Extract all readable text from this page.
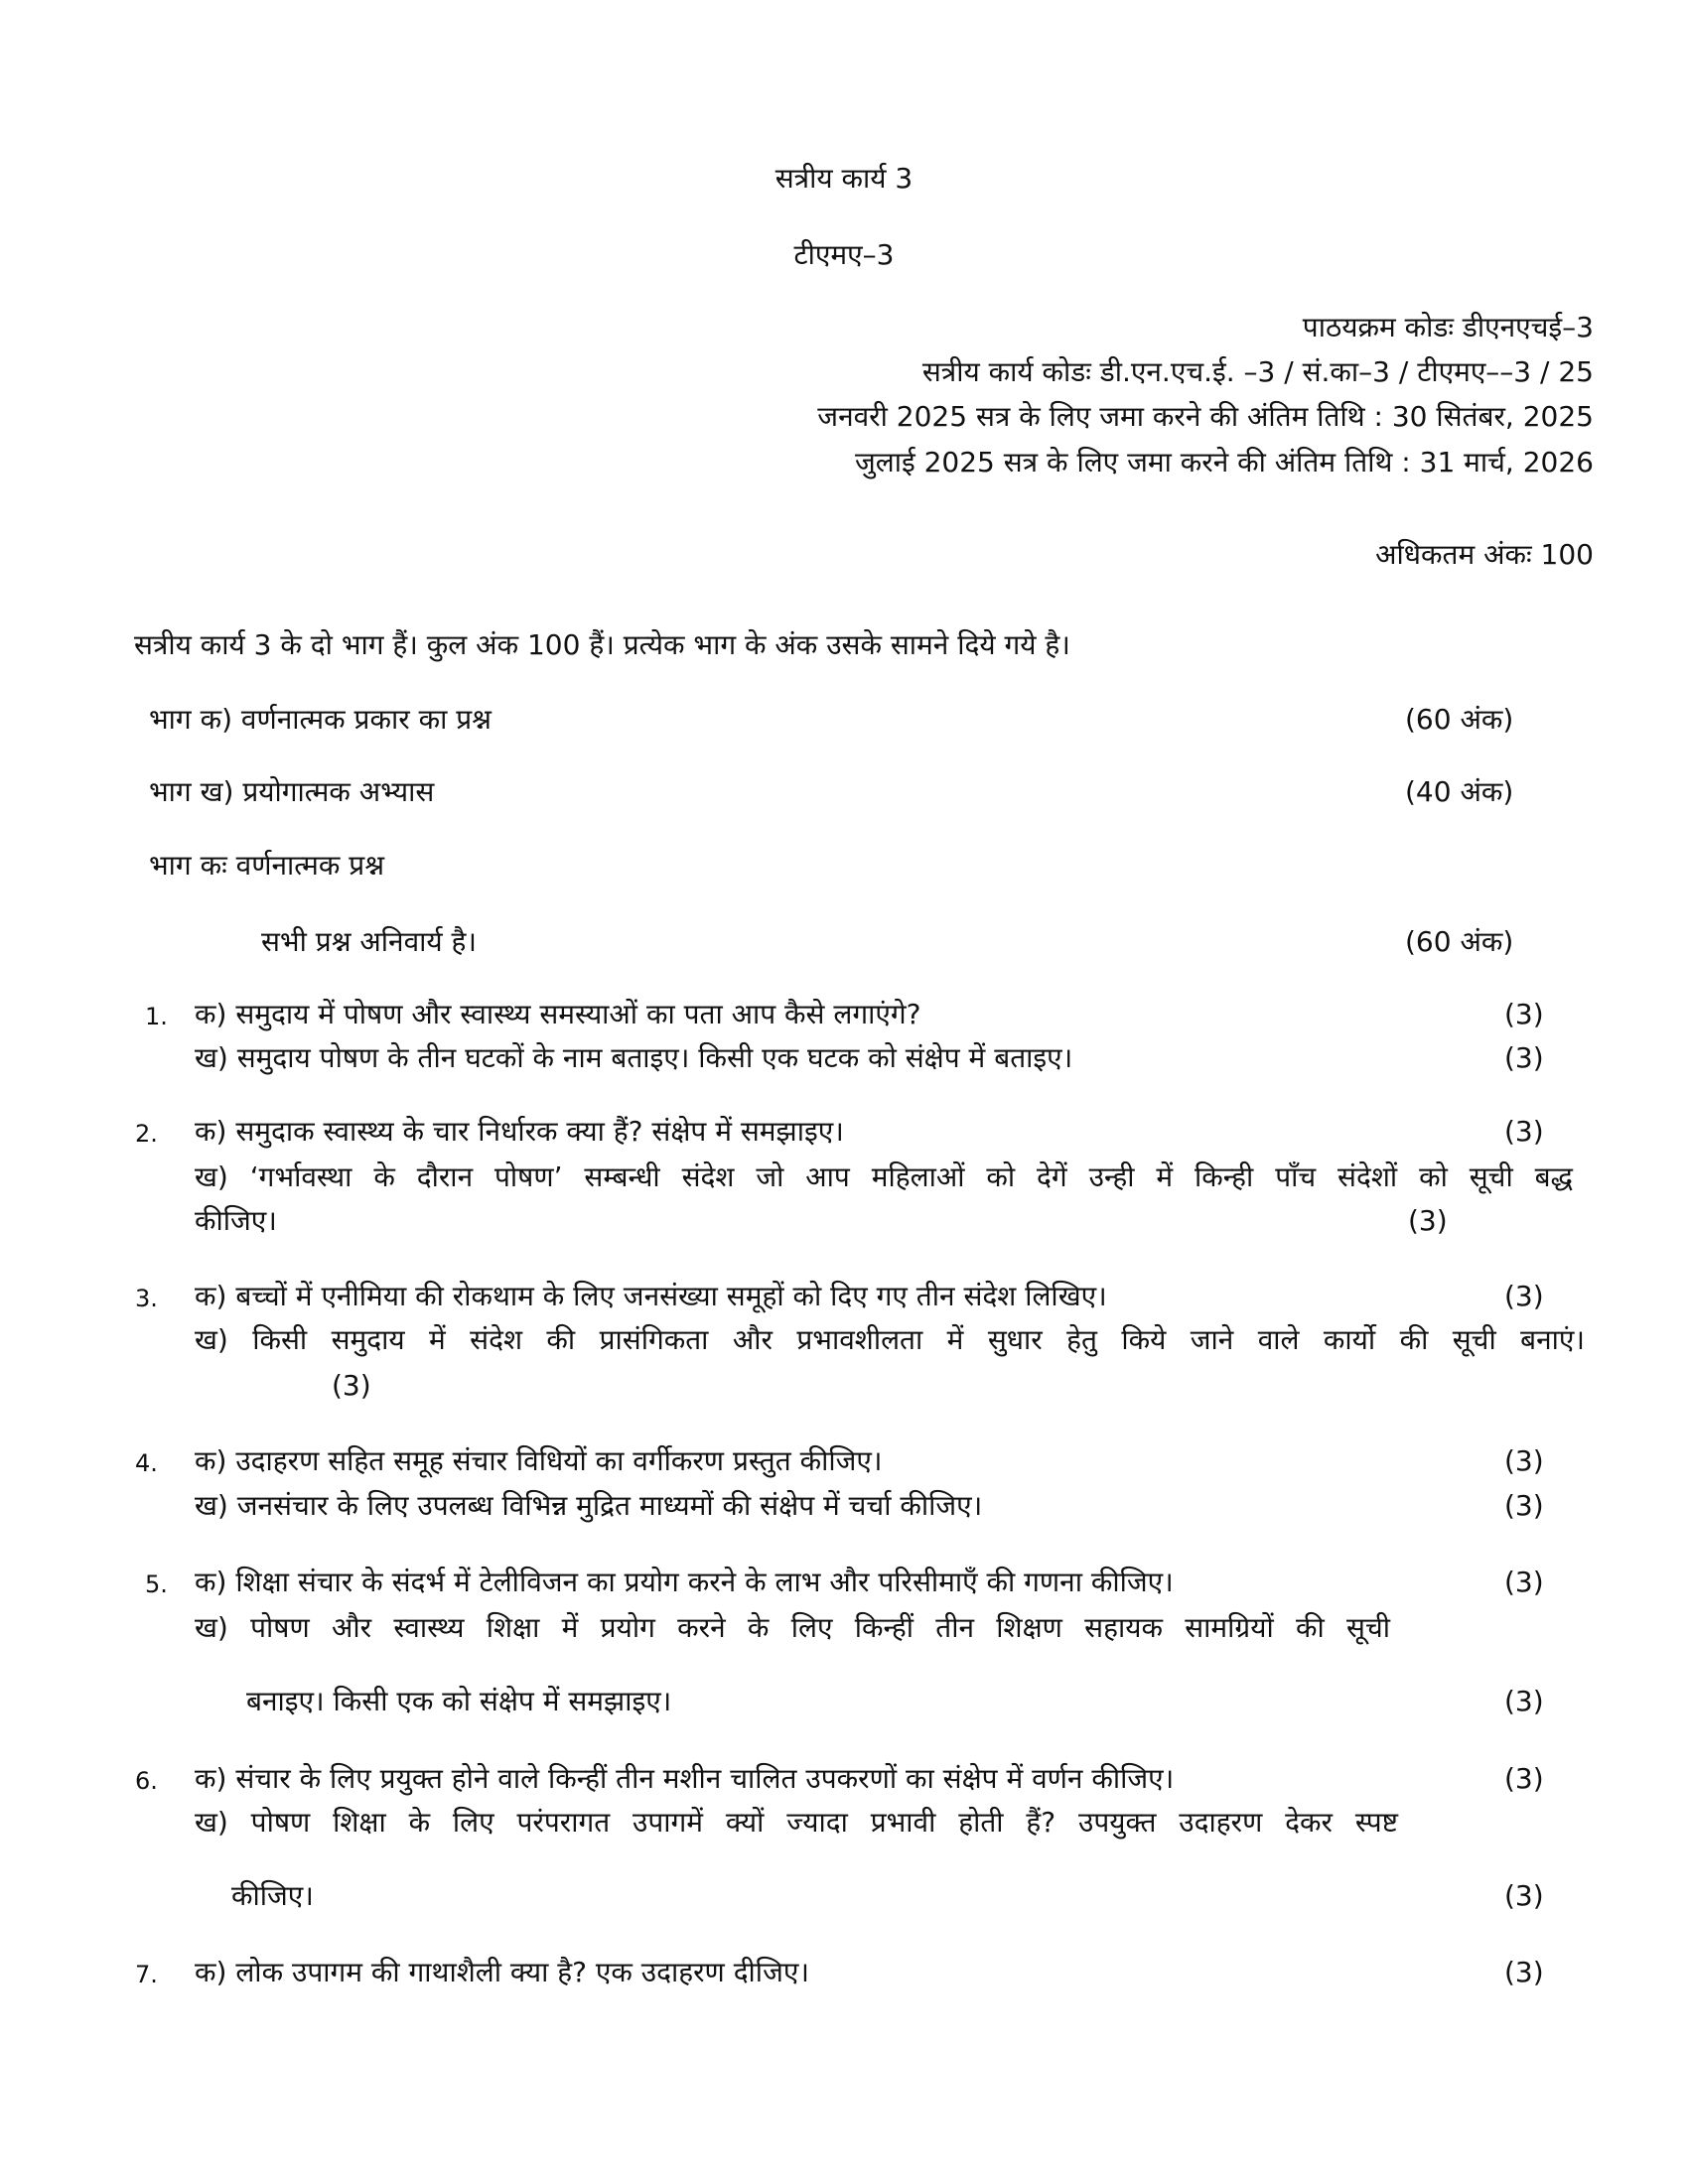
सत्रीय कार्य 3
टीएमए–3
पाठयक्रम कोडः डीएनएचई–3
सत्रीय कार्य कोडः डी.एन.एच.ई. –3 / सं.का–3 / टीएमए––3 / 25
जनवरी 2025 सत्र के लिए जमा करने की अंतिम तिथि : 30 सितंबर, 2025
जुलाई 2025 सत्र के लिए जमा करने की अंतिम तिथि : 31 मार्च, 2026
अधिकतम अंकः 100
सत्रीय कार्य 3 के दो भाग हैं। कुल अंक 100 हैं। प्रत्येक भाग के अंक उसके सामने दिये गये है।
भाग क) वर्णनात्मक प्रकार का प्रश्न	(60 अंक)
भाग ख) प्रयोगात्मक अभ्यास	(40 अंक)
भाग कः वर्णनात्मक प्रश्न
सभी प्रश्न अनिवार्य है।	(60 अंक)
1. क) समुदाय में पोषण और स्वास्थ्य समस्याओं का पता आप कैसे लगाएंगे?	(3)
ख) समुदाय पोषण के तीन घटकों के नाम बताइए। किसी एक घटक को संक्षेप में बताइए।	(3)
2. क) समुदाक स्वास्थ्य के चार निर्धारक क्या हैं? संक्षेप में समझाइए।	(3)
ख) ‘गर्भावस्था के दौरान पोषण’ सम्बन्धी संदेश जो आप महिलाओं को देगें उन्ही में किन्ही पाँच संदेशों को सूची बद्ध
कीजिए।	(3)
3. क) बच्चों में एनीमिया की रोकथाम के लिए जनसंख्या समूहों को दिए गए तीन संदेश लिखिए।	(3)
ख) किसी समुदाय में संदेश की प्रासंगिकता और प्रभावशीलता में सुधार हेतु किये जाने वाले कार्यो की सूची बनाएं।
(3)
4. क) उदाहरण सहित समूह संचार विधियों का वर्गीकरण प्रस्तुत कीजिए।	(3)
ख) जनसंचार के लिए उपलब्ध विभिन्न मुद्रित माध्यमों की संक्षेप में चर्चा कीजिए।	(3)
5. क) शिक्षा संचार के संदर्भ में टेलीविजन का प्रयोग करने के लाभ और परिसीमाएँ की गणना कीजिए।	(3)
ख) पोषण और स्वास्थ्य शिक्षा में प्रयोग करने के लिए किन्हीं तीन शिक्षण सहायक सामग्रियों की सूची
बनाइए। किसी एक को संक्षेप में समझाइए।	(3)
6. क) संचार के लिए प्रयुक्त होने वाले किन्हीं तीन मशीन चालित उपकरणों का संक्षेप में वर्णन कीजिए।	(3)
ख) पोषण शिक्षा के लिए परंपरागत उपागमें क्यों ज्यादा प्रभावी होती हैं? उपयुक्त उदाहरण देकर स्पष्ट
कीजिए।	(3)
7. क) लोक उपागम की गाथाशैली क्या है? एक उदाहरण दीजिए।	(3)
